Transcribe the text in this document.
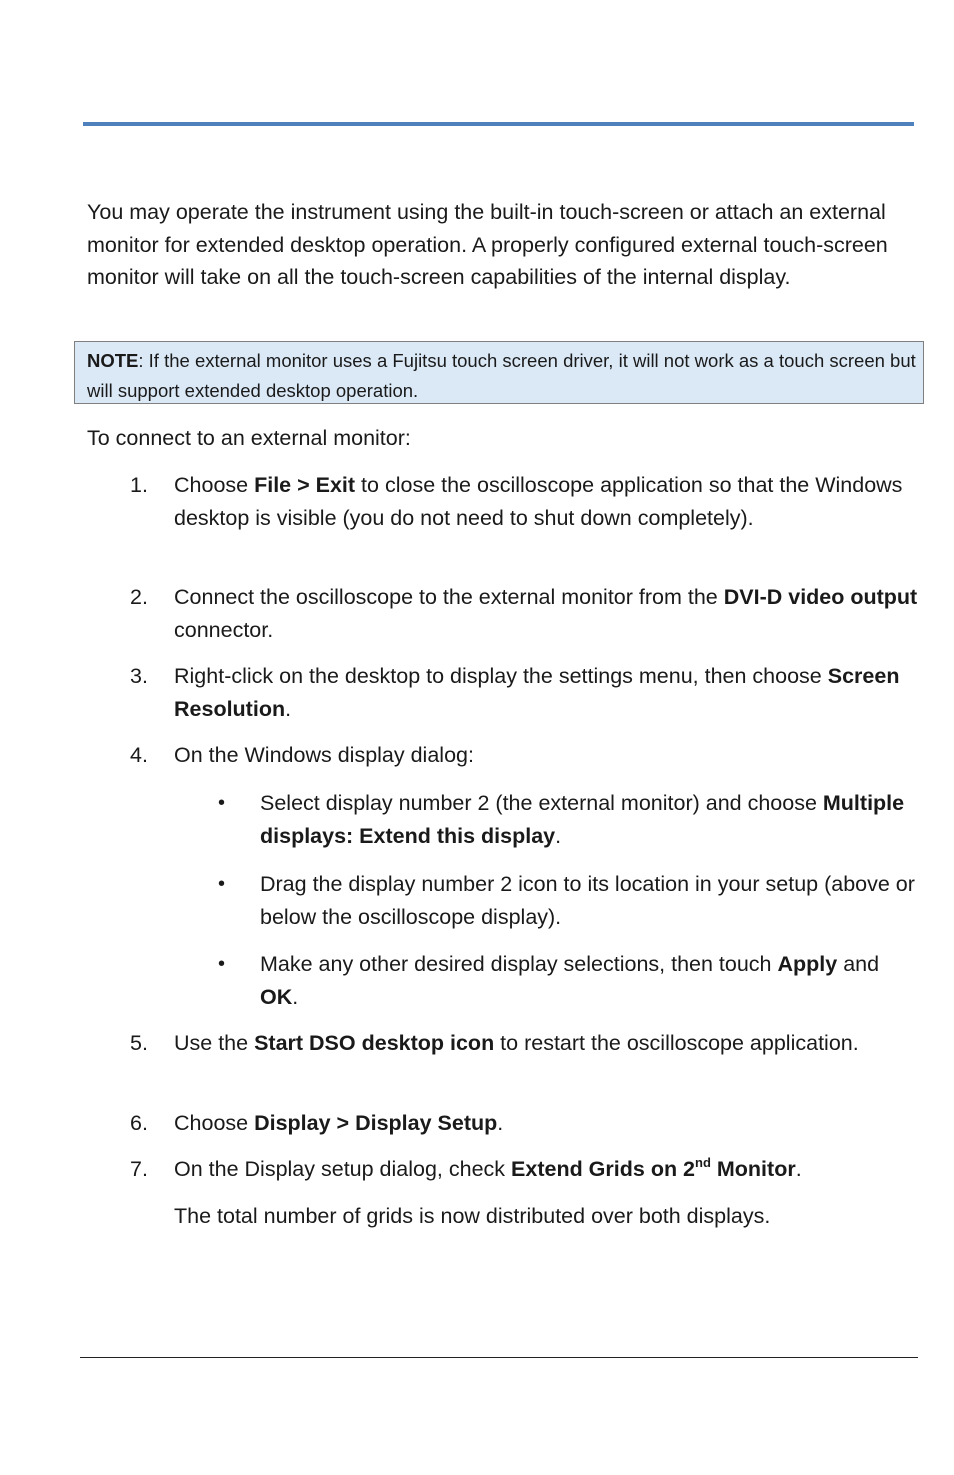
You may operate the instrument using the built-in touch-screen or attach an external monitor for extended desktop operation. A properly configured external touch-screen monitor will take on all the touch-screen capabilities of the internal display.

NOTE: If the external monitor uses a Fujitsu touch screen driver, it will not work as a touch screen but will support extended desktop operation.

To connect to an external monitor:

1. Choose File > Exit to close the oscilloscope application so that the Windows desktop is visible (you do not need to shut down completely).
2. Connect the oscilloscope to the external monitor from the DVI-D video output connector.
3. Right-click on the desktop to display the settings menu, then choose Screen Resolution.
4. On the Windows display dialog:
• Select display number 2 (the external monitor) and choose Multiple displays: Extend this display.
• Drag the display number 2 icon to its location in your setup (above or below the oscilloscope display).
• Make any other desired display selections, then touch Apply and OK.
5. Use the Start DSO desktop icon to restart the oscilloscope application.
6. Choose Display > Display Setup.
7. On the Display setup dialog, check Extend Grids on 2nd Monitor.

The total number of grids is now distributed over both displays.
